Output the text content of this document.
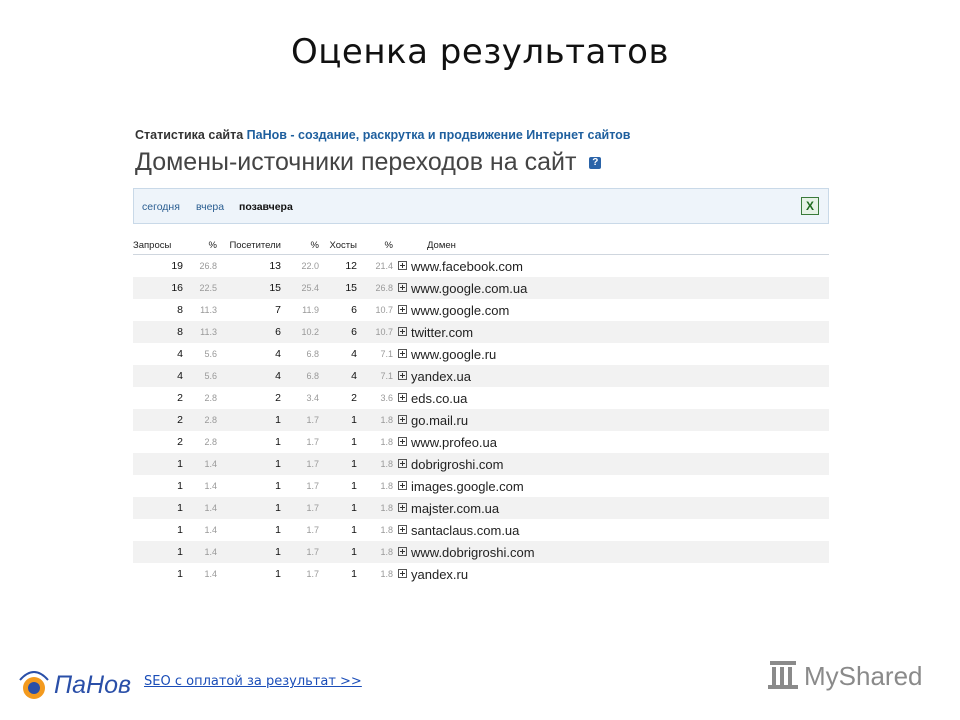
Оценка результатов
Статистика сайта ПаНов - создание, раскрутка и продвижение Интернет сайтов
Домены-источники переходов на сайт ?
сегодня вчера позавчера	X
Запросы	%	Посетители	%	Хосты	%		Домен
19	26.8	13	22.0	12	21.4		www.facebook.com
16	22.5	15	25.4	15	26.8		www.google.com.ua
8	11.3	7	11.9	6	10.7		www.google.com
8	11.3	6	10.2	6	10.7		twitter.com
4	5.6	4	6.8	4	7.1		www.google.ru
4	5.6	4	6.8	4	7.1		yandex.ua
2	2.8	2	3.4	2	3.6		eds.co.ua
2	2.8	1	1.7	1	1.8		go.mail.ru
2	2.8	1	1.7	1	1.8		www.profeo.ua
1	1.4	1	1.7	1	1.8		dobrigroshi.com
1	1.4	1	1.7	1	1.8		images.google.com
1	1.4	1	1.7	1	1.8		majster.com.ua
1	1.4	1	1.7	1	1.8		santaclaus.com.ua
1	1.4	1	1.7	1	1.8		www.dobrigroshi.com
1	1.4	1	1.7	1	1.8		yandex.ru
ПаНов SEO с оплатой за результат >>	MyShared
